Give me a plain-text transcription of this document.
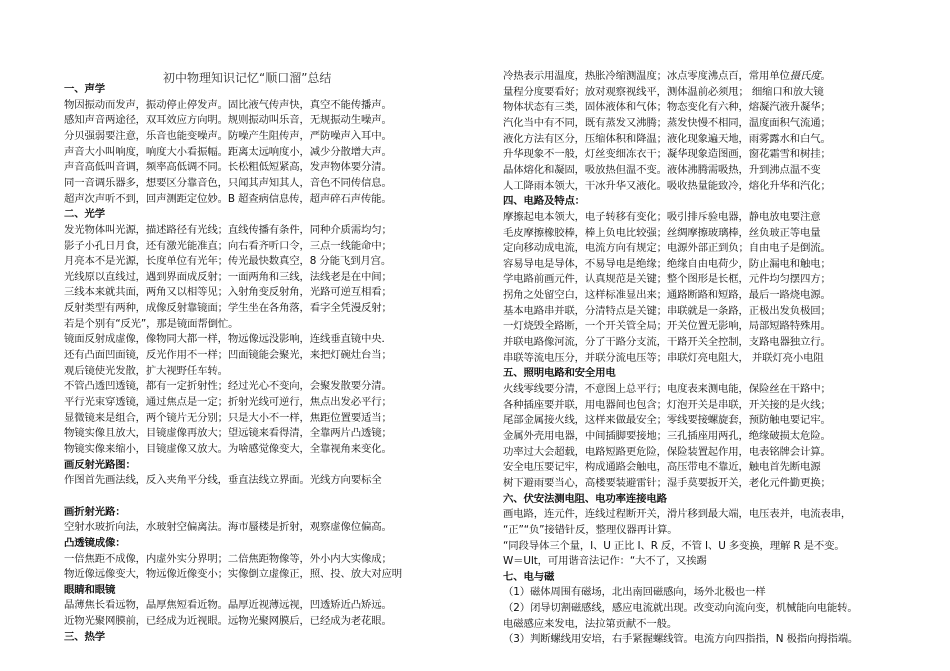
初中物理知识记忆“顺口溜”总结
一、声学
物因振动而发声，振动停止停发声。固比液气传声快，真空不能传播声。
感知声音两途径，双耳效应方向明。规则振动叫乐音，无规振动生噪声。
分贝强弱要注意，乐音也能变噪声。防噪产生阻传声，严防噪声入耳中。
声音大小叫响度，响度大小看振幅。距离太远响度小，减少分散增大声。
声音高低叫音调，频率高低调不同。长松粗低短紧高，发声物体要分清。
同一音调乐器多，想要区分靠音色，只闻其声知其人，音色不同传信息。
超声次声听不到，回声测距定位妙。B 超查病信息传，超声碎石声传能。
二、光学
发光物体叫光源，描述路径有光线；直线传播有条件，同种介质需均匀；
影子小孔日月食，还有激光能准直；向右看齐听口令，三点一线能命中；
月亮本不是光源，长度单位有光年；传光最快数真空，8 分能飞到月宫。
光线原以直线过，遇到界面成反射；一面两角和三线，法线老是在中间；
三线本来就共面，两角又以相等见；入射角变反射角，光路可逆互相看；
反射类型有两种，成像反射靠镜面；学生坐在各角落，看字全凭漫反射；
若是个别有“反光”，那是镜面帮倒忙。
镜面反射成虚像，像物同大都一样，物远像远没影响，连线垂直镜中央．
还有凸面凹面镜，反光作用不一样；凹面镜能会聚光，来把灯碗灶台当；
观后镜使光发散，扩大视野任车转。
不管凸透凹透镜，都有一定折射性；经过光心不变向，会聚发散要分清。
平行光束穿透镜，通过焦点是一定；折射光线可逆行，焦点出发必平行；
显微镜来是组合，两个镜片无分别；只是大小不一样，焦距位置要适当；
物镜实像且放大，目镜虚像再放大；望远镜来看得清，全靠两片凸透镜；
物镜实像来缩小，目镜虚像又放大。为啥感觉像变大，全靠视角来变化。
画反射光路图：
作图首先画法线，反入夹角平分线，垂直法线立界面。光线方向要标全
画折射光路：
空射水玻折向法，水玻射空偏离法。海市蜃楼是折射，观察虚像位偏高。
凸透镜成像：
一倍焦距不成像，内虚外实分界明；二倍焦距物像等，外小内大实像成；
物近像远像变大，物远像近像变小；实像倒立虚像正，照、投、放大对应明
眼睛和眼镜
晶薄焦长看远物，晶厚焦短看近物。晶厚近视薄远视，凹透矫近凸矫远。
近物光聚网膜前，已经成为近视眼。远物光聚网膜后，已经成为老花眼。
三、热学
冷热表示用温度，热胀冷缩测温度；冰点零度沸点百，常用单位摄氏度。
量程分度要看好；放对观察视线平，测体温前必须甩； 细缩口和放大镜
物体状态有三类，固体液体和气体；物态变化有六种，熔凝汽液升凝华；
汽化当中有不同，既有蒸发又沸腾；蒸发快慢不相同，温度面积气流通；
液化方法有区分，压缩体积和降温；液化现象遍天地，雨雾露水和白气。
升华现象不一般，灯丝变细冻衣干；凝华现象造图画，窗花霜雪和树挂；
晶体熔化和凝固，吸放热但温不变。液体沸腾需吸热，升到沸点温不变
人工降雨本领大，干冰升华又液化。吸收热量能致冷，熔化升华和汽化；
四、电路及特点：
摩擦起电本领大，电子转移有变化；吸引排斥验电器，静电放电要注意
毛皮摩擦橡胶棒，棒上负电比较强；丝绸摩擦玻璃棒，丝负玻正等电量
定向移动成电流，电流方向有规定；电源外部正到负；自由电子是倒流。
容易导电是导体，不易导电是绝缘；绝缘自由电荷少，防止漏电和触电；
学电路前画元件，认真规范是关键；整个图形是长框，元件均匀摆四方；
拐角之处留空白，这样标准显出来；通路断路和短路，最后一路烧电源。
基本电路串并联，分清特点是关键；串联就是一条路，正极出发负极回；
一灯烧毁全路断，一个开关管全局；开关位置无影响，局部短路特殊用。
并联电路像河流，分了干路分支流，干路开关全控制，支路电器独立行。
串联等流电压分，并联分流电压等；串联灯亮电阻大， 并联灯亮小电阻
五、照明电路和安全用电
火线零线要分清，不意图上总平行；电度表来测电能，保险丝在干路中；
各种插座要并联，用电器间也包含；灯泡开关是串联，开关接的是火线；
尾部金属接火线，这样来做最安全；零线要接螺旋套，预防触电要记牢。
金属外壳用电器，中间插脚要接地；三孔插座用两孔，绝缘破损太危险。
功率过大会超载，电路短路更危险，保险装置起作用，电表铭牌会计算。
安全电压要记牢，构成通路会触电，高压带电不靠近，触电首先断电源
树下避雨要当心，高楼要装避雷针；湿手莫要扳开关，老化元件勤更换；
六、伏安法测电阻、电功率连接电路
画电路，连元件，连线过程断开关，滑片移到最大端，电压表并，电流表串，
“正”“负”接错针反，整理仪器再计算。
“同段导体三个量，I、U 正比 I、R 反，不管 I、U 多变换，理解 R 是不变。
W＝UIt，可用谐音法记作：“大不了，又挨踢
七、电与磁
（1）磁体周围有磁场，北出南回磁感向，场外北极也一样
（2）闭导切割磁感线，感应电流就出现。改变动向流向变，机械能向电能转。
电磁感应来发电，法拉第贡献不一般。
（3）判断螺线用安培，右手紧握螺线管。电流方向四指指，N 极指向拇指端。
